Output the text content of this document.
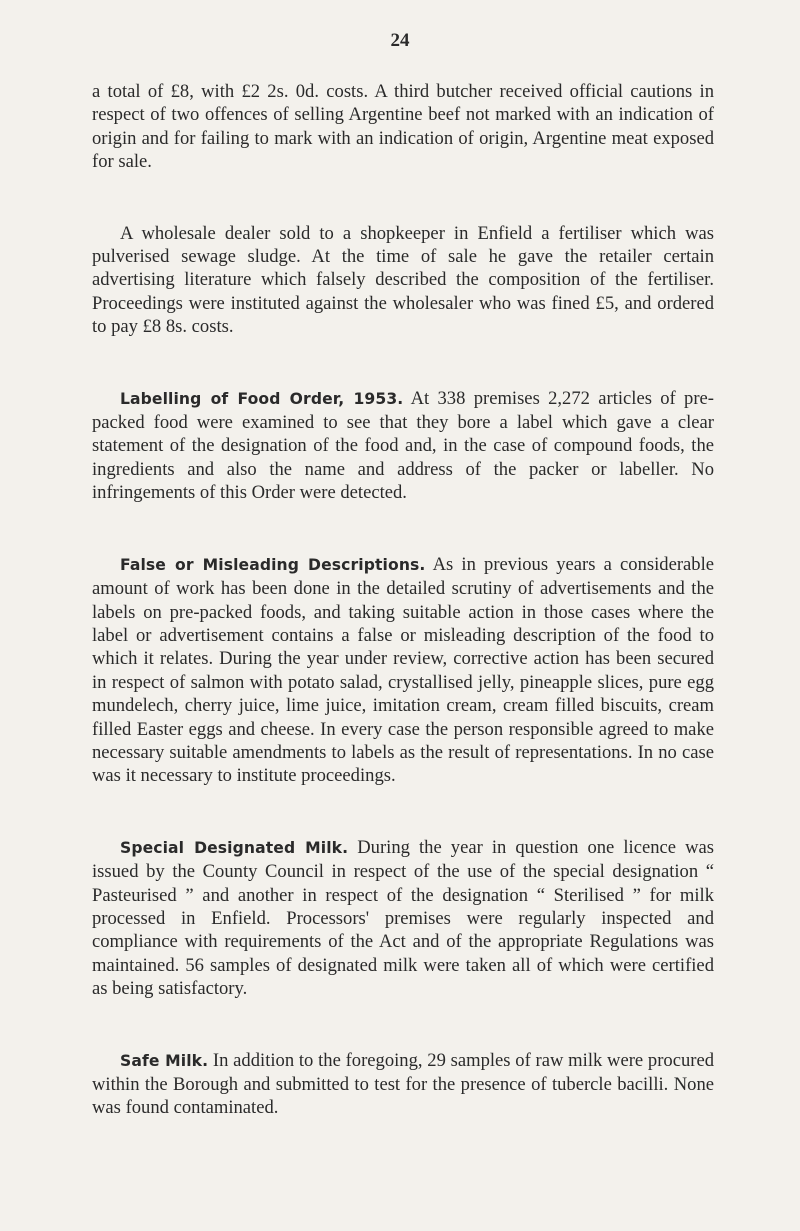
24

a total of £8, with £2 2s. 0d. costs. A third butcher received official cautions in respect of two offences of selling Argentine beef not marked with an indication of origin and for failing to mark with an indication of origin, Argentine meat exposed for sale.

A wholesale dealer sold to a shopkeeper in Enfield a fertiliser which was pulverised sewage sludge. At the time of sale he gave the retailer certain advertising literature which falsely described the composition of the fertiliser. Proceedings were instituted against the wholesaler who was fined £5, and ordered to pay £8 8s. costs.

Labelling of Food Order, 1953. At 338 premises 2,272 articles of pre-packed food were examined to see that they bore a label which gave a clear statement of the designation of the food and, in the case of compound foods, the ingredients and also the name and address of the packer or labeller. No infringements of this Order were detected.

False or Misleading Descriptions. As in previous years a considerable amount of work has been done in the detailed scrutiny of advertisements and the labels on pre-packed foods, and taking suitable action in those cases where the label or advertisement contains a false or misleading description of the food to which it relates. During the year under review, corrective action has been secured in respect of salmon with potato salad, crystallised jelly, pineapple slices, pure egg mundelech, cherry juice, lime juice, imitation cream, cream filled biscuits, cream filled Easter eggs and cheese. In every case the person responsible agreed to make necessary suitable amendments to labels as the result of representations. In no case was it necessary to institute proceedings.

Special Designated Milk. During the year in question one licence was issued by the County Council in respect of the use of the special designation “ Pasteurised ” and another in respect of the designation “ Sterilised ” for milk processed in Enfield. Processors' premises were regularly inspected and compliance with requirements of the Act and of the appropriate Regulations was maintained. 56 samples of designated milk were taken all of which were certified as being satisfactory.

Safe Milk. In addition to the foregoing, 29 samples of raw milk were procured within the Borough and submitted to test for the presence of tubercle bacilli. None was found contaminated.
